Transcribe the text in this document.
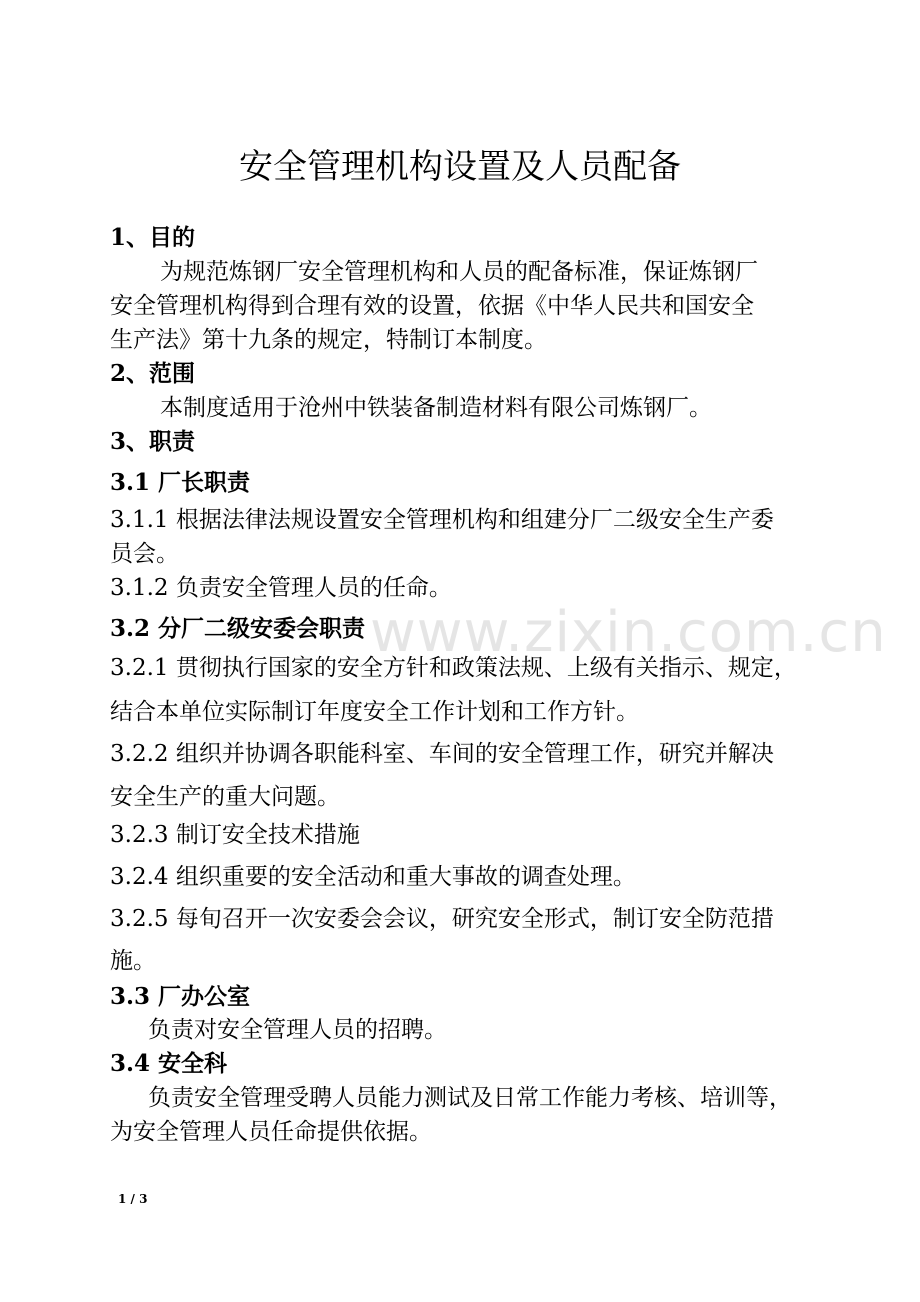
安全管理机构设置及人员配备
1、目的
为规范炼钢厂安全管理机构和人员的配备标准，保证炼钢厂
安全管理机构得到合理有效的设置，依据《中华人民共和国安全
生产法》第十九条的规定，特制订本制度。
2、范围
本制度适用于沧州中铁装备制造材料有限公司炼钢厂。
3、职责
3.1 厂长职责
3.1.1 根据法律法规设置安全管理机构和组建分厂二级安全生产委
员会。
3.1.2 负责安全管理人员的任命。
3.2 分厂二级安委会职责
3.2.1 贯彻执行国家的安全方针和政策法规、上级有关指示、规定，
结合本单位实际制订年度安全工作计划和工作方针。
3.2.2 组织并协调各职能科室、车间的安全管理工作，研究并解决
安全生产的重大问题。
3.2.3 制订安全技术措施
3.2.4 组织重要的安全活动和重大事故的调查处理。
3.2.5 每旬召开一次安委会会议，研究安全形式，制订安全防范措
施。
3.3 厂办公室
负责对安全管理人员的招聘。
3.4 安全科
负责安全管理受聘人员能力测试及日常工作能力考核、培训等，
为安全管理人员任命提供依据。
www.zixin.com.cn
1 / 3
